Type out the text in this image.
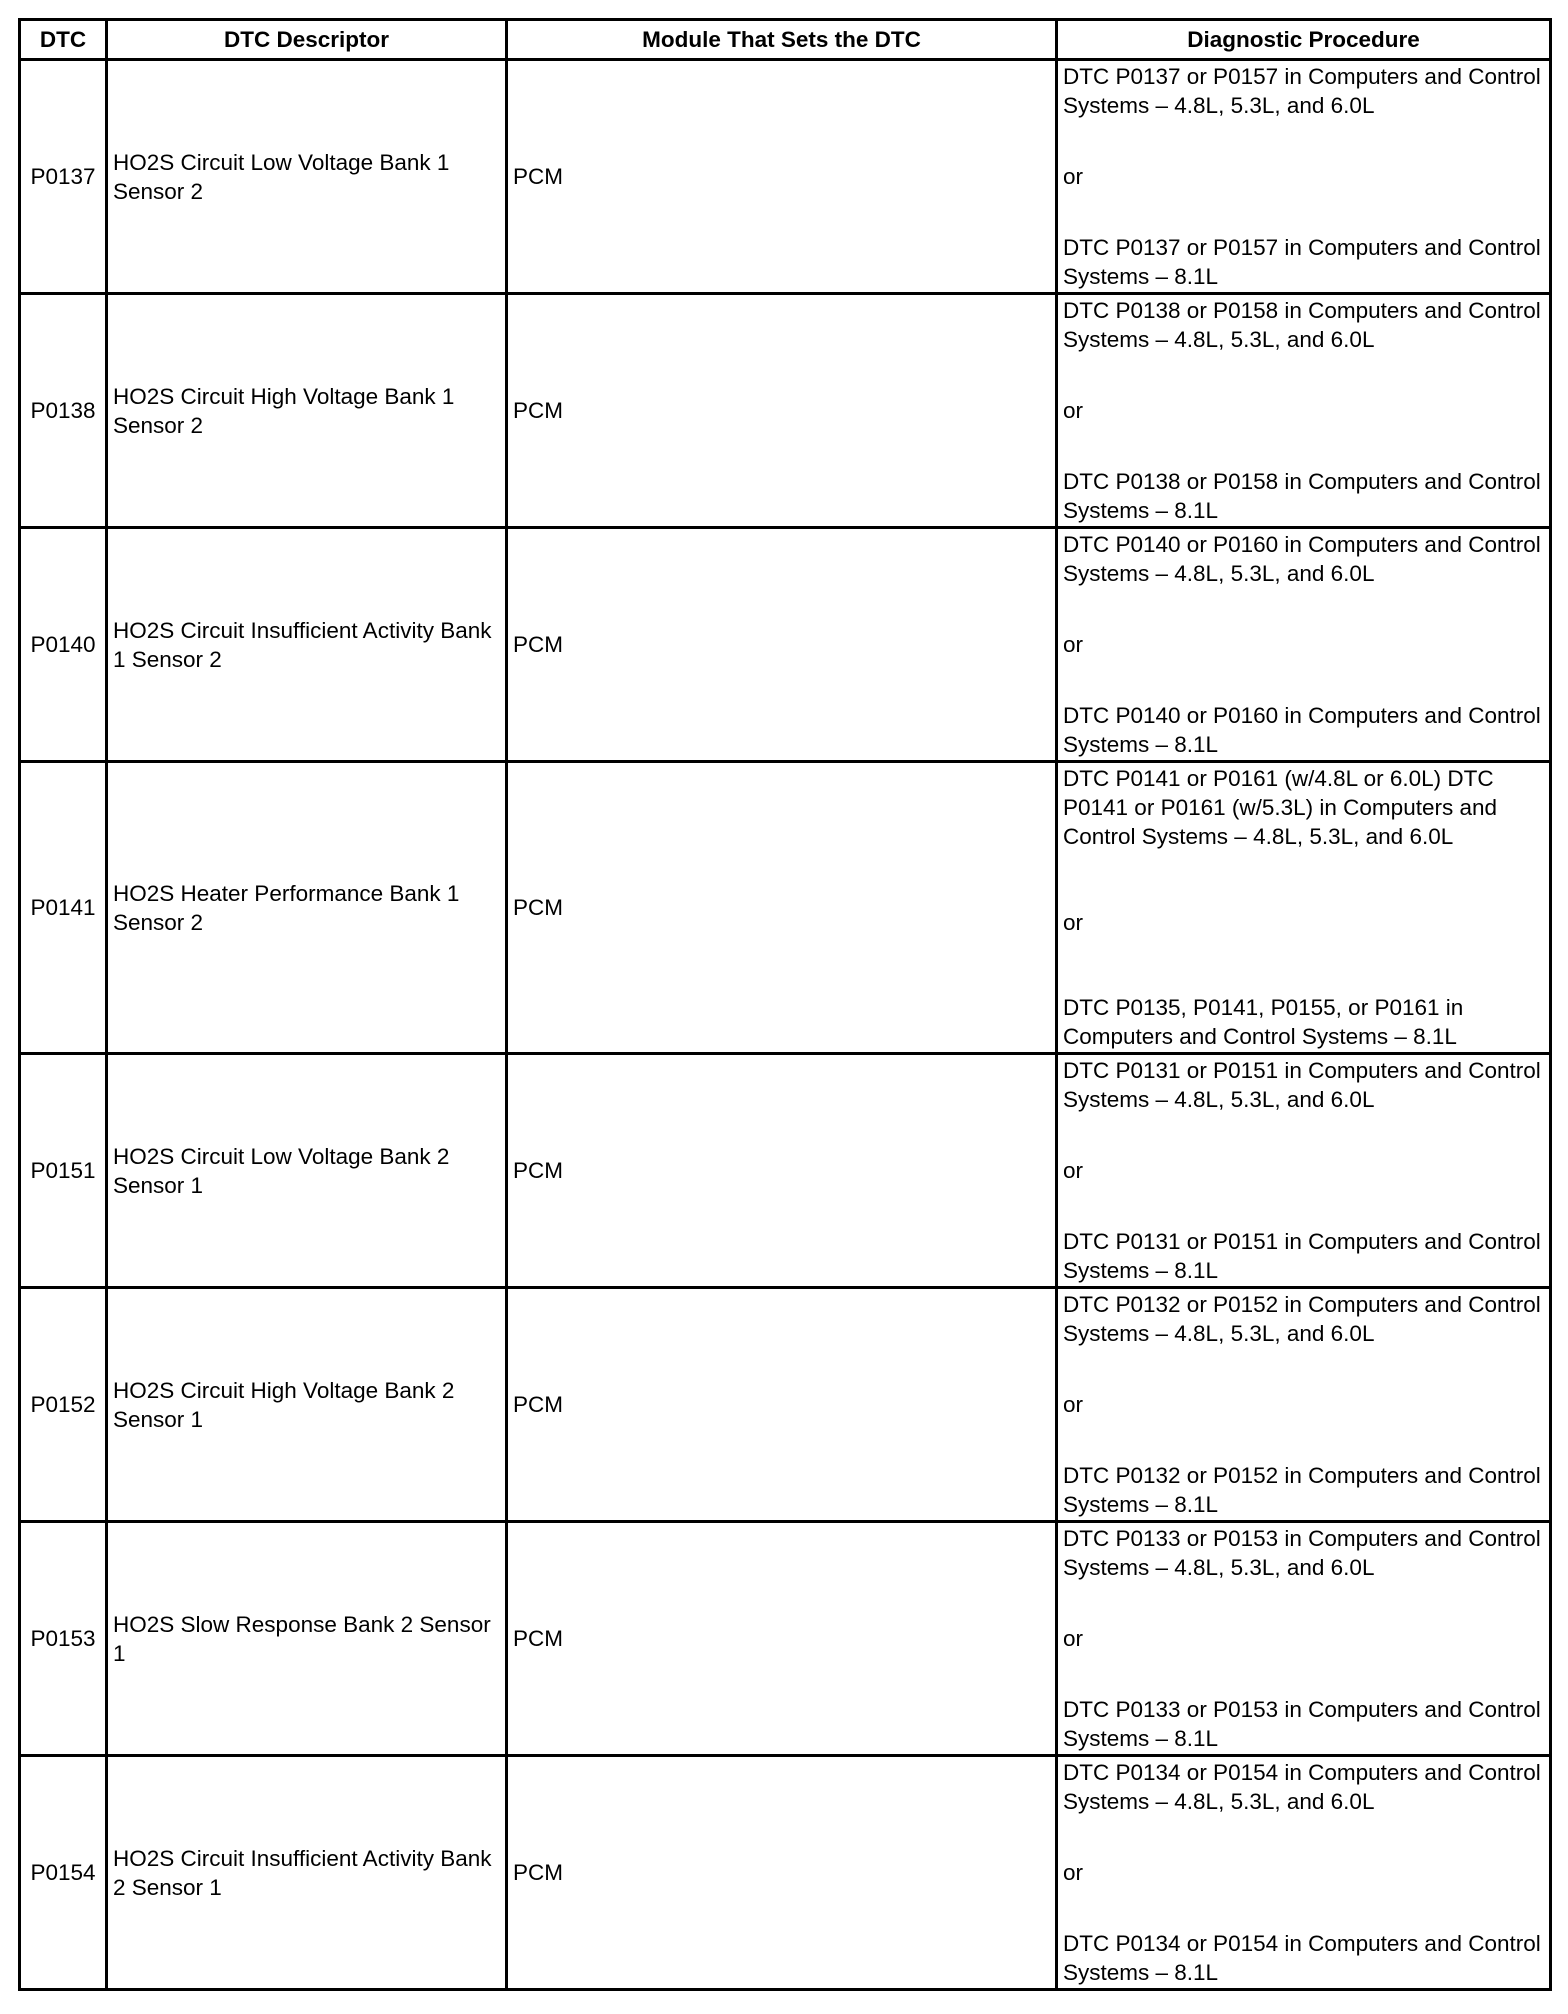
DTC	DTC Descriptor	Module That Sets the DTC	Diagnostic Procedure
P0137	HO2S Circuit Low Voltage Bank 1 Sensor 2	PCM	DTC P0137 or P0157 in Computers and Control Systems – 4.8L, 5.3L, and 6.0L
or
DTC P0137 or P0157 in Computers and Control Systems – 8.1L

P0138	HO2S Circuit High Voltage Bank 1 Sensor 2	PCM	DTC P0138 or P0158 in Computers and Control Systems – 4.8L, 5.3L, and 6.0L
or
DTC P0138 or P0158 in Computers and Control Systems – 8.1L

P0140	HO2S Circuit Insufficient Activity Bank 1 Sensor 2	PCM	DTC P0140 or P0160 in Computers and Control Systems – 4.8L, 5.3L, and 6.0L
or
DTC P0140 or P0160 in Computers and Control Systems – 8.1L

P0141	HO2S Heater Performance Bank 1 Sensor 2	PCM	DTC P0141 or P0161 (w/4.8L or 6.0L) DTC P0141 or P0161 (w/5.3L) in Computers and Control Systems – 4.8L, 5.3L, and 6.0L
or
DTC P0135, P0141, P0155, or P0161 in Computers and Control Systems – 8.1L

P0151	HO2S Circuit Low Voltage Bank 2 Sensor 1	PCM	DTC P0131 or P0151 in Computers and Control Systems – 4.8L, 5.3L, and 6.0L
or
DTC P0131 or P0151 in Computers and Control Systems – 8.1L

P0152	HO2S Circuit High Voltage Bank 2 Sensor 1	PCM	DTC P0132 or P0152 in Computers and Control Systems – 4.8L, 5.3L, and 6.0L
or
DTC P0132 or P0152 in Computers and Control Systems – 8.1L

P0153	HO2S Slow Response Bank 2 Sensor 1	PCM	DTC P0133 or P0153 in Computers and Control Systems – 4.8L, 5.3L, and 6.0L
or
DTC P0133 or P0153 in Computers and Control Systems – 8.1L

P0154	HO2S Circuit Insufficient Activity Bank 2 Sensor 1	PCM	DTC P0134 or P0154 in Computers and Control Systems – 4.8L, 5.3L, and 6.0L
or
DTC P0134 or P0154 in Computers and Control Systems – 8.1L
